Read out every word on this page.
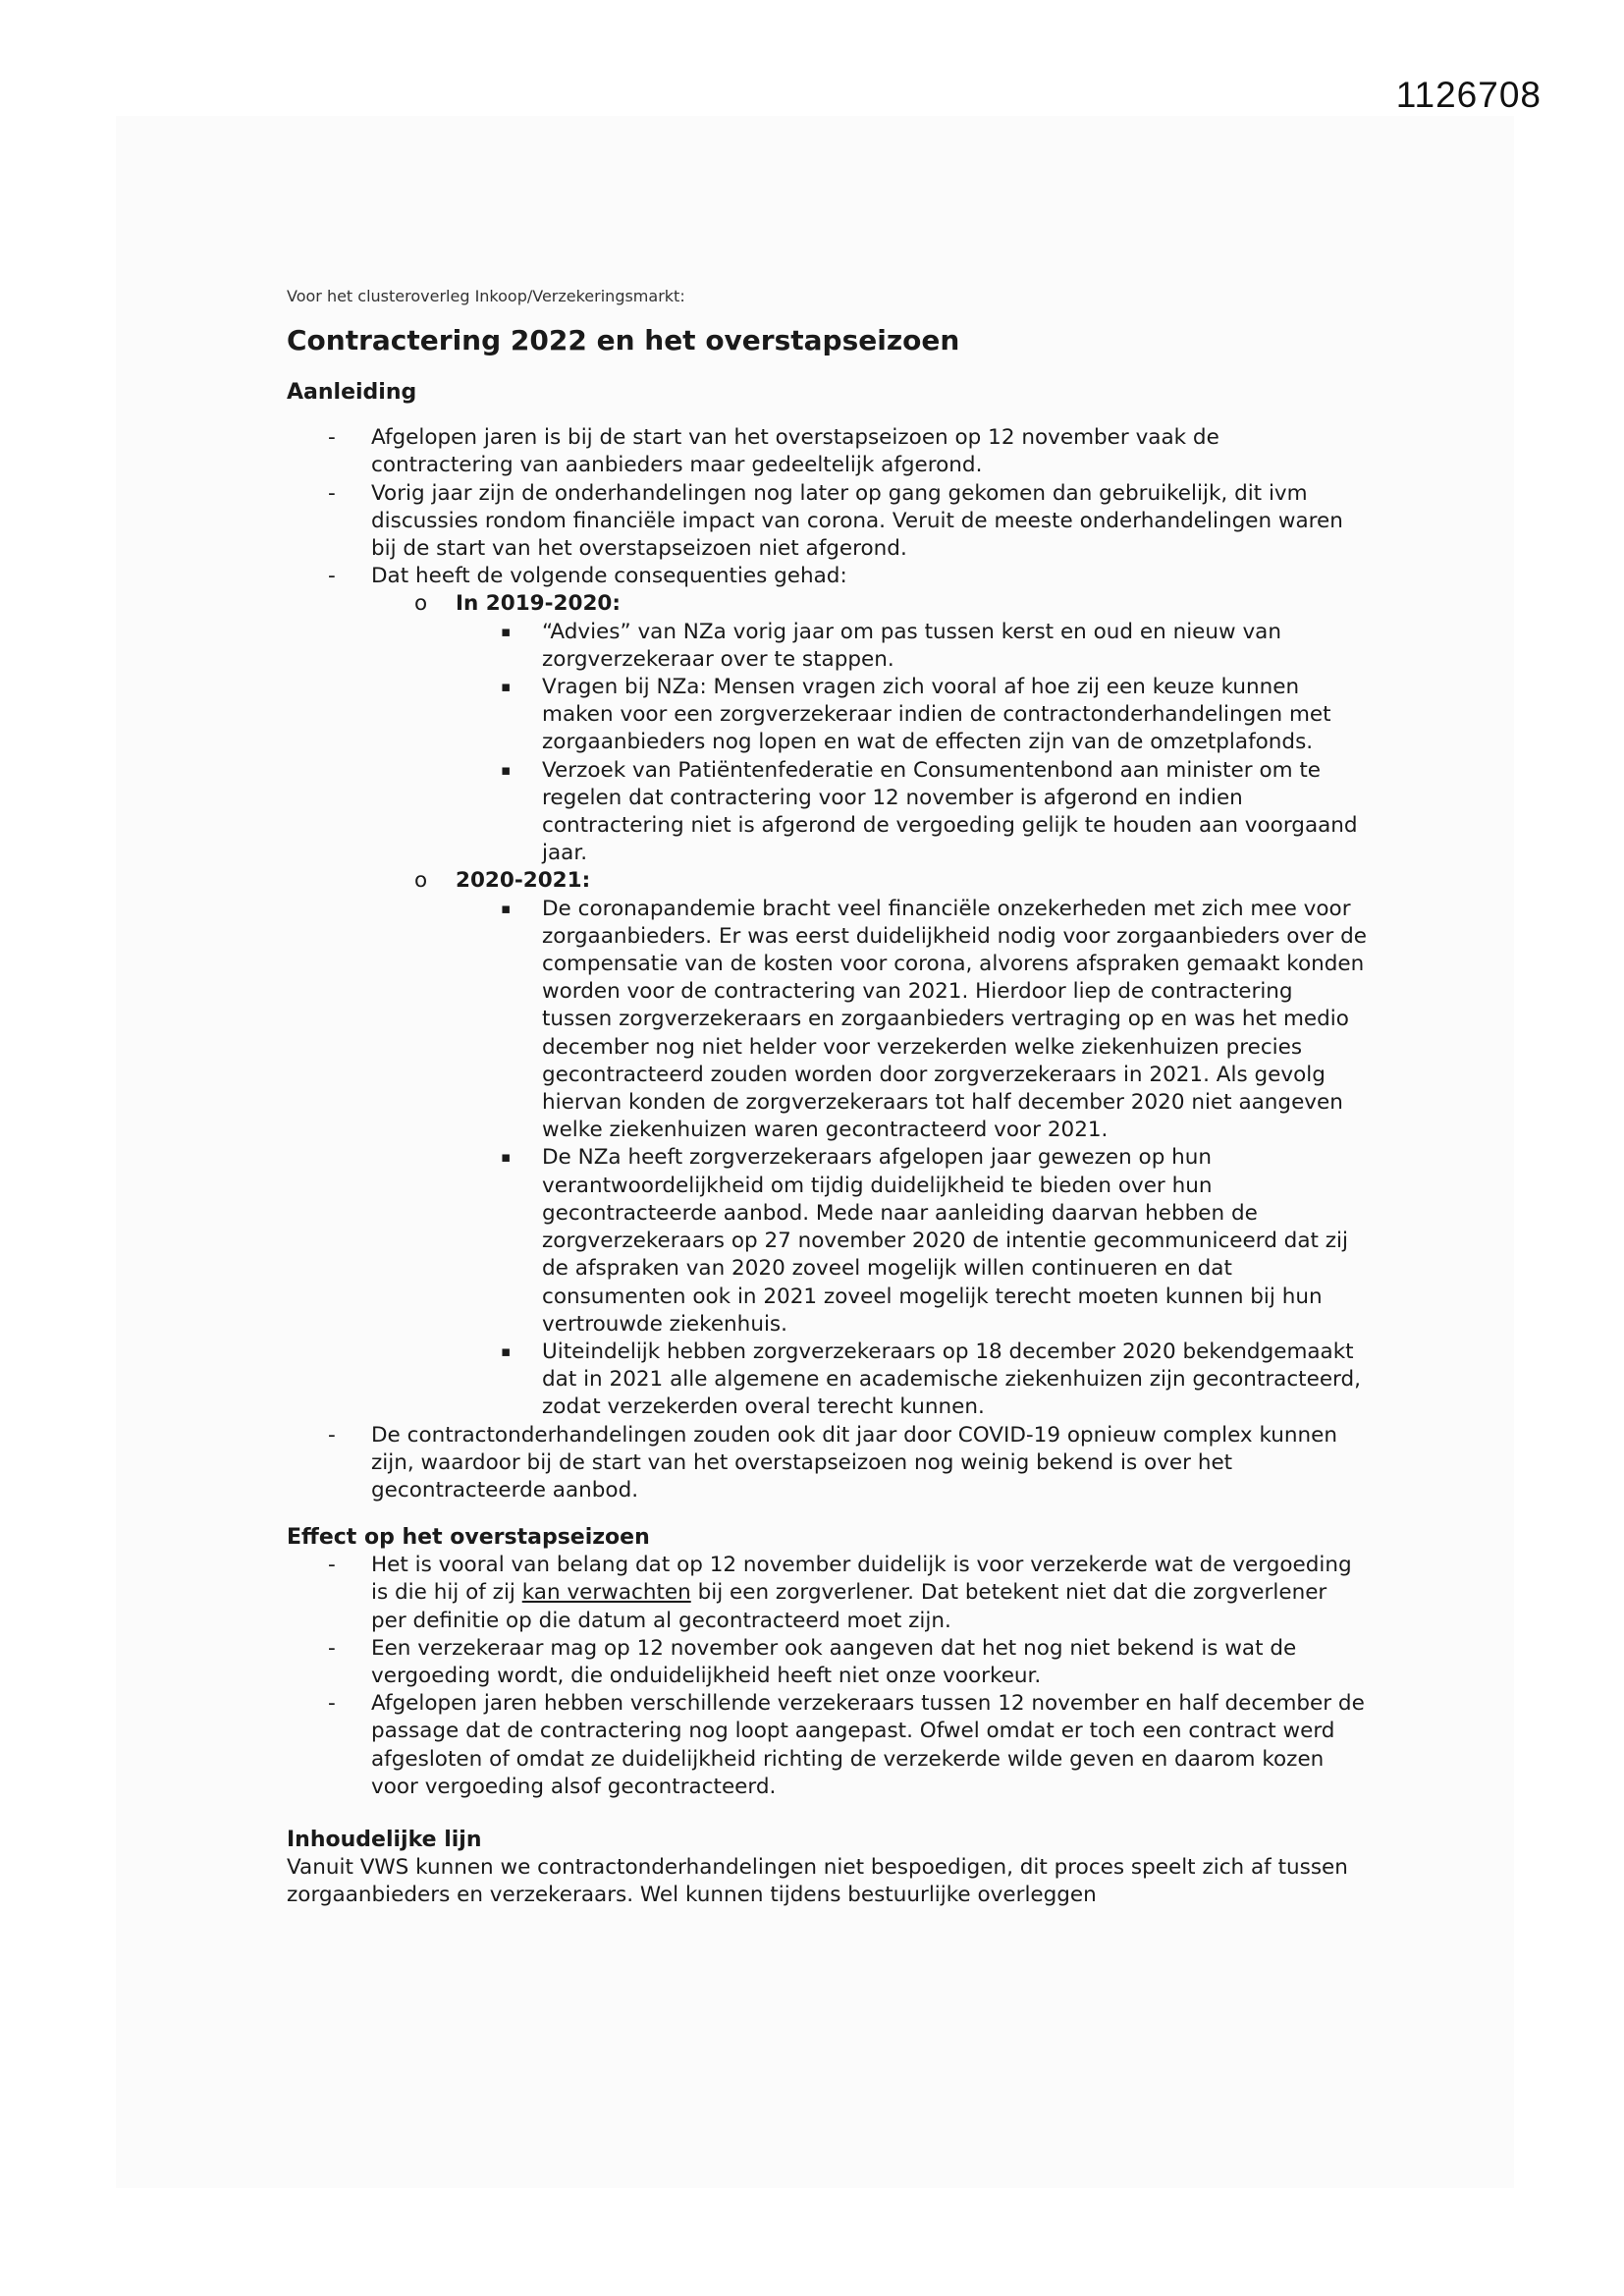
1126708
Voor het clusteroverleg Inkoop/Verzekeringsmarkt:
Contractering 2022 en het overstapseizoen
Aanleiding
- Afgelopen jaren is bij de start van het overstapseizoen op 12 november vaak de contractering van aanbieders maar gedeeltelijk afgerond.
- Vorig jaar zijn de onderhandelingen nog later op gang gekomen dan gebruikelijk, dit ivm discussies rondom financiële impact van corona. Veruit de meeste onderhandelingen waren bij de start van het overstapseizoen niet afgerond.
- Dat heeft de volgende consequenties gehad:
o In 2019-2020:
▪ “Advies” van NZa vorig jaar om pas tussen kerst en oud en nieuw van zorgverzekeraar over te stappen.
▪ Vragen bij NZa: Mensen vragen zich vooral af hoe zij een keuze kunnen maken voor een zorgverzekeraar indien de contractonderhandelingen met zorgaanbieders nog lopen en wat de effecten zijn van de omzetplafonds.
▪ Verzoek van Patiëntenfederatie en Consumentenbond aan minister om te regelen dat contractering voor 12 november is afgerond en indien contractering niet is afgerond de vergoeding gelijk te houden aan voorgaand jaar.
o 2020-2021:
▪ De coronapandemie bracht veel financiële onzekerheden met zich mee voor zorgaanbieders. Er was eerst duidelijkheid nodig voor zorgaanbieders over de compensatie van de kosten voor corona, alvorens afspraken gemaakt konden worden voor de contractering van 2021. Hierdoor liep de contractering tussen zorgverzekeraars en zorgaanbieders vertraging op en was het medio december nog niet helder voor verzekerden welke ziekenhuizen precies gecontracteerd zouden worden door zorgverzekeraars in 2021. Als gevolg hiervan konden de zorgverzekeraars tot half december 2020 niet aangeven welke ziekenhuizen waren gecontracteerd voor 2021.
▪ De NZa heeft zorgverzekeraars afgelopen jaar gewezen op hun verantwoordelijkheid om tijdig duidelijkheid te bieden over hun gecontracteerde aanbod. Mede naar aanleiding daarvan hebben de zorgverzekeraars op 27 november 2020 de intentie gecommuniceerd dat zij de afspraken van 2020 zoveel mogelijk willen continueren en dat consumenten ook in 2021 zoveel mogelijk terecht moeten kunnen bij hun vertrouwde ziekenhuis.
▪ Uiteindelijk hebben zorgverzekeraars op 18 december 2020 bekendgemaakt dat in 2021 alle algemene en academische ziekenhuizen zijn gecontracteerd, zodat verzekerden overal terecht kunnen.
- De contractonderhandelingen zouden ook dit jaar door COVID-19 opnieuw complex kunnen zijn, waardoor bij de start van het overstapseizoen nog weinig bekend is over het gecontracteerde aanbod.
Effect op het overstapseizoen
- Het is vooral van belang dat op 12 november duidelijk is voor verzekerde wat de vergoeding is die hij of zij kan verwachten bij een zorgverlener. Dat betekent niet dat die zorgverlener per definitie op die datum al gecontracteerd moet zijn.
- Een verzekeraar mag op 12 november ook aangeven dat het nog niet bekend is wat de vergoeding wordt, die onduidelijkheid heeft niet onze voorkeur.
- Afgelopen jaren hebben verschillende verzekeraars tussen 12 november en half december de passage dat de contractering nog loopt aangepast. Ofwel omdat er toch een contract werd afgesloten of omdat ze duidelijkheid richting de verzekerde wilde geven en daarom kozen voor vergoeding alsof gecontracteerd.
Inhoudelijke lijn

Vanuit VWS kunnen we contractonderhandelingen niet bespoedigen, dit proces speelt zich af tussen zorgaanbieders en verzekeraars. Wel kunnen tijdens bestuurlijke overleggen
